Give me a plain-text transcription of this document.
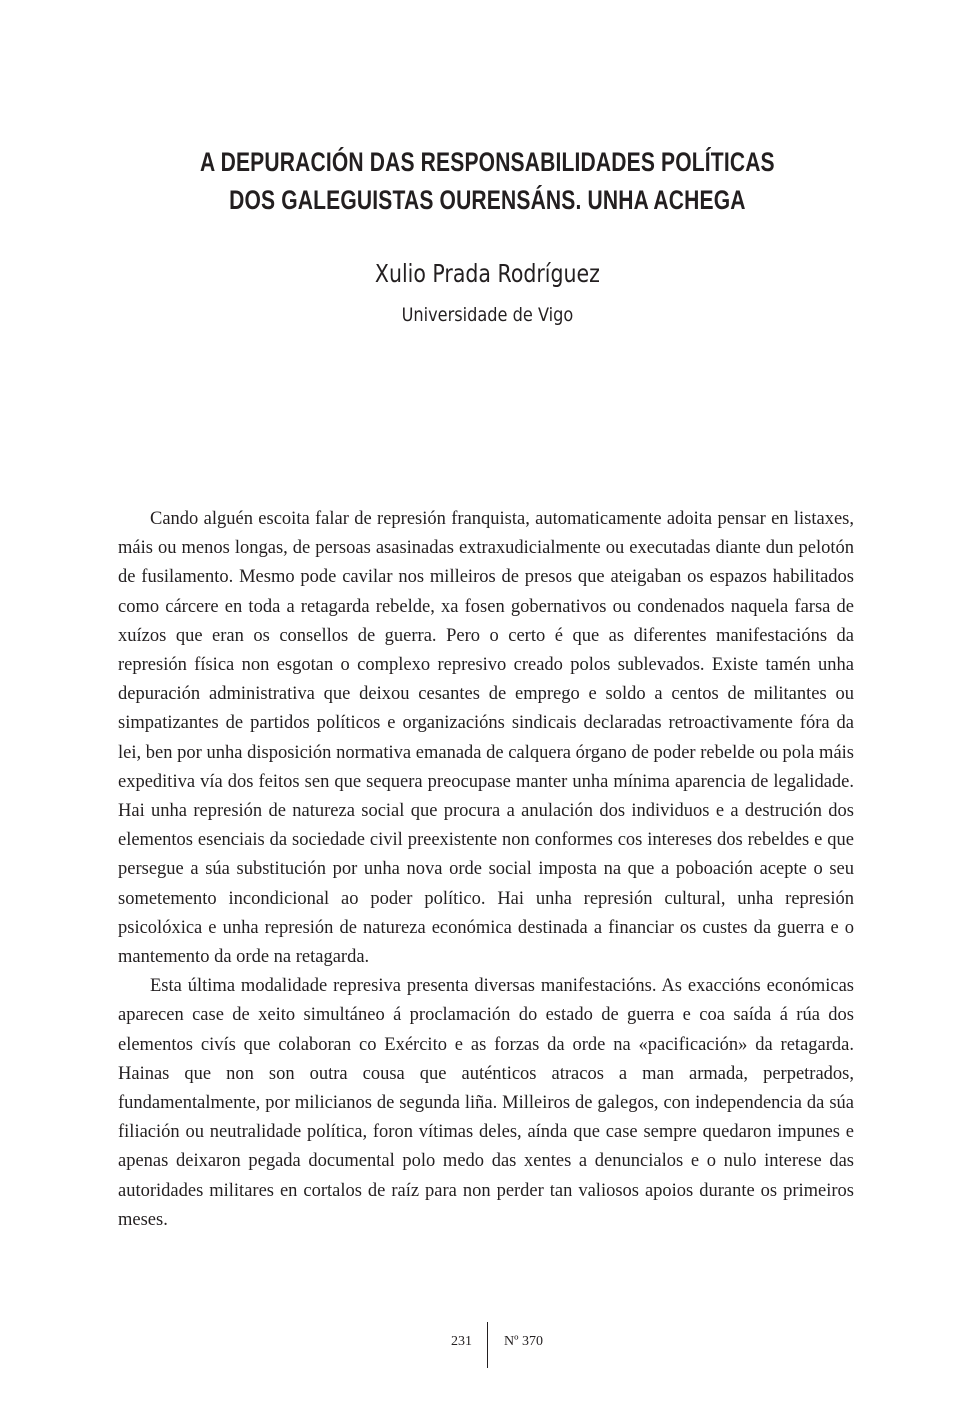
A DEPURACIÓN DAS RESPONSABILIDADES POLÍTICAS
DOS GALEGUISTAS OURENSÁNS. UNHA ACHEGA
Xulio Prada Rodríguez
Universidade de Vigo

Cando alguén escoita falar de represión franquista, automaticamente adoita pensar en listaxes, máis ou menos longas, de persoas asasinadas extraxudicialmente ou executadas diante dun pelotón de fusilamento. Mesmo pode cavilar nos milleiros de presos que ateigaban os espazos habilitados como cárcere en toda a retagarda rebelde, xa fosen gobernativos ou condenados naquela farsa de xuízos que eran os consellos de guerra. Pero o certo é que as diferentes manifestacións da represión física non esgotan o complexo represivo creado polos sublevados. Existe tamén unha depuración administrativa que deixou cesantes de emprego e soldo a centos de militantes ou simpatizantes de partidos políticos e organizacións sindicais declaradas retroactivamente fóra da lei, ben por unha disposición normativa emanada de calquera órgano de poder rebelde ou pola máis expeditiva vía dos feitos sen que sequera preocupase manter unha mínima aparencia de legalidade. Hai unha represión de natureza social que procura a anulación dos individuos e a destrución dos elementos esenciais da sociedade civil preexistente non conformes cos intereses dos rebeldes e que persegue a súa substitución por unha nova orde social imposta na que a poboación acepte o seu sometemento incondicional ao poder político. Hai unha represión cultural, unha represión psicolóxica e unha represión de natureza económica destinada a financiar os custes da guerra e o mantemento da orde na retagarda.

Esta última modalidade represiva presenta diversas manifestacións. As exaccións económicas aparecen case de xeito simultáneo á proclamación do estado de guerra e coa saída á rúa dos elementos civís que colaboran co Exército e as forzas da orde na «pacificación» da retagarda. Hainas que non son outra cousa que auténticos atracos a man armada, perpetrados, fundamentalmente, por milicianos de segunda liña. Milleiros de galegos, con independencia da súa filiación ou neutralidade política, foron vítimas deles, aínda que case sempre quedaron impunes e apenas deixaron pegada documental polo medo das xentes a denuncialos e o nulo interese das autoridades militares en cortalos de raíz para non perder tan valiosos apoios durante os primeiros meses.

231 Nº 370
